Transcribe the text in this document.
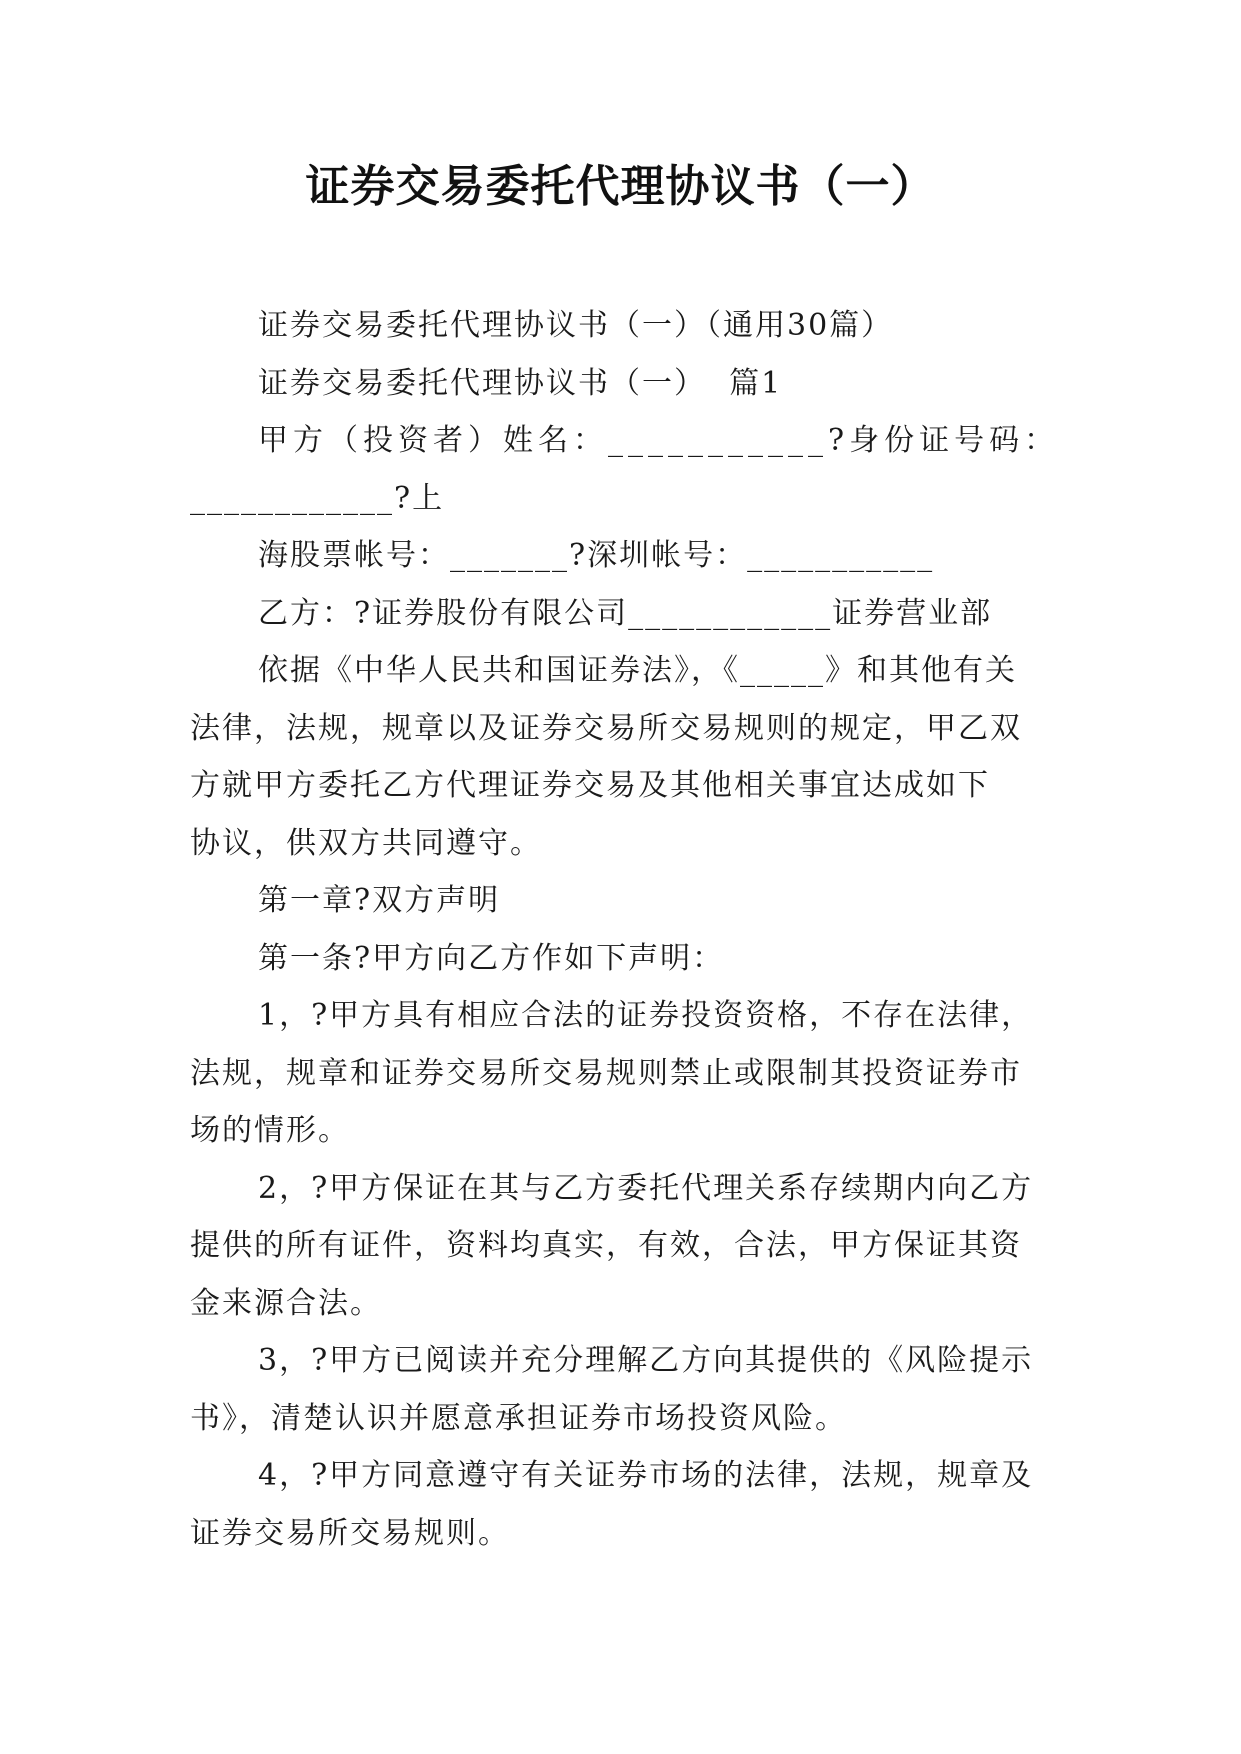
证券交易委托代理协议书（一）

证券交易委托代理协议书（一）（通用30篇）

证券交易委托代理协议书（一）  篇1

甲方（投资者）姓名：___________?身份证号码：

____________?上

海股票帐号：_______?深圳帐号：___________

乙方：?证券股份有限公司____________证券营业部

依据《中华人民共和国证券法》，《_____》和其他有关

法律，法规，规章以及证券交易所交易规则的规定，甲乙双

方就甲方委托乙方代理证券交易及其他相关事宜达成如下

协议，供双方共同遵守。

第一章?双方声明

第一条?甲方向乙方作如下声明：

1，?甲方具有相应合法的证券投资资格，不存在法律，

法规，规章和证券交易所交易规则禁止或限制其投资证券市

场的情形。

2，?甲方保证在其与乙方委托代理关系存续期内向乙方

提供的所有证件，资料均真实，有效，合法，甲方保证其资

金来源合法。

3，?甲方已阅读并充分理解乙方向其提供的《风险提示

书》，清楚认识并愿意承担证券市场投资风险。

4，?甲方同意遵守有关证券市场的法律，法规，规章及

证券交易所交易规则。
